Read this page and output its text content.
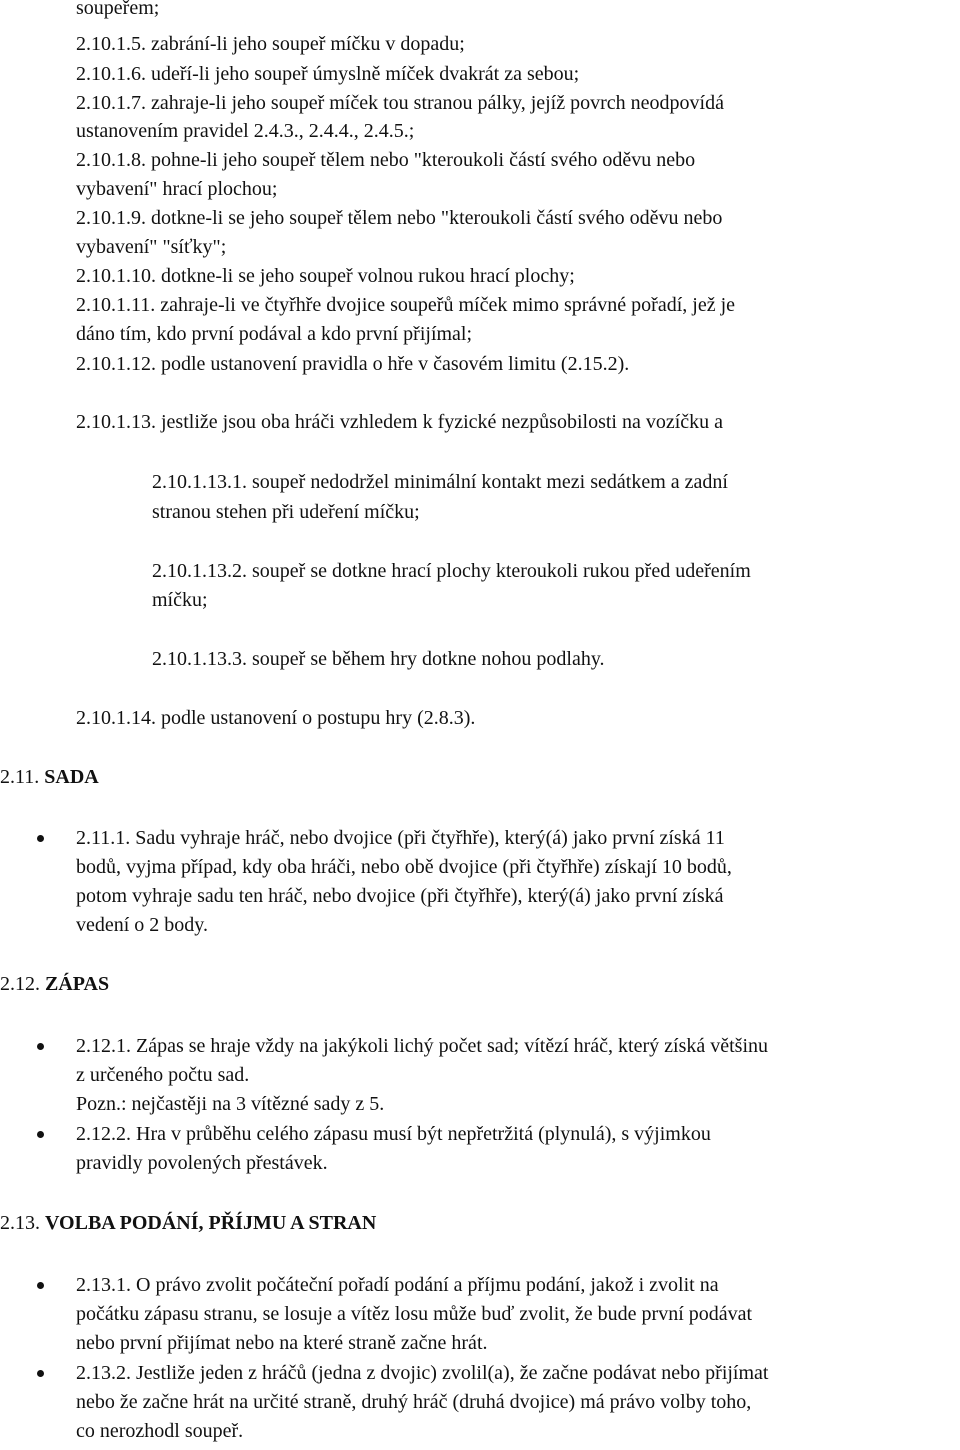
soupeřem;

2.10.1.5. zabrání-li jeho soupeř míčku v dopadu;

2.10.1.6. udeří-li jeho soupeř úmyslně míček dvakrát za sebou;

2.10.1.7. zahraje-li jeho soupeř míček tou stranou pálky, jejíž povrch neodpovídá

ustanovením pravidel 2.4.3., 2.4.4., 2.4.5.;

2.10.1.8. pohne-li jeho soupeř tělem nebo "kteroukoli částí svého oděvu nebo

vybavení" hrací plochou;

2.10.1.9. dotkne-li se jeho soupeř tělem nebo "kteroukoli částí svého oděvu nebo

vybavení" "síťky";

2.10.1.10. dotkne-li se jeho soupeř volnou rukou hrací plochy;

2.10.1.11. zahraje-li ve čtyřhře dvojice soupeřů míček mimo správné pořadí, jež je

dáno tím, kdo první podával a kdo první přijímal;

2.10.1.12. podle ustanovení pravidla o hře v časovém limitu (2.15.2).

2.10.1.13. jestliže jsou oba hráči vzhledem k fyzické nezpůsobilosti na vozíčku a

2.10.1.13.1. soupeř nedodržel minimální kontakt mezi sedátkem a zadní

stranou stehen při udeření míčku;

2.10.1.13.2. soupeř se dotkne hrací plochy kteroukoli rukou před udeřením

míčku;

2.10.1.13.3. soupeř se během hry dotkne nohou podlahy.

2.10.1.14. podle ustanovení o postupu hry (2.8.3).

2.11. SADA

2.11.1. Sadu vyhraje hráč, nebo dvojice (při čtyřhře), který(á) jako první získá 11

bodů, vyjma případ, kdy oba hráči, nebo obě dvojice (při čtyřhře) získají 10 bodů,

potom vyhraje sadu ten hráč, nebo dvojice (při čtyřhře), který(á) jako první získá

vedení o 2 body.

2.12. ZÁPAS

2.12.1. Zápas se hraje vždy na jakýkoli lichý počet sad; vítězí hráč, který získá většinu

z určeného počtu sad.

Pozn.: nejčastěji na 3 vítězné sady z 5.

2.12.2. Hra v průběhu celého zápasu musí být nepřetržitá (plynulá), s výjimkou

pravidly povolených přestávek.

2.13. VOLBA PODÁNÍ, PŘÍJMU A STRAN

2.13.1. O právo zvolit počáteční pořadí podání a příjmu podání, jakož i zvolit na

počátku zápasu stranu, se losuje a vítěz losu může buď zvolit, že bude první podávat

nebo první přijímat nebo na které straně začne hrát.

2.13.2. Jestliže jeden z hráčů (jedna z dvojic) zvolil(a), že začne podávat nebo přijímat

nebo že začne hrát na určité straně, druhý hráč (druhá dvojice) má právo volby toho,

co nerozhodl soupeř.
